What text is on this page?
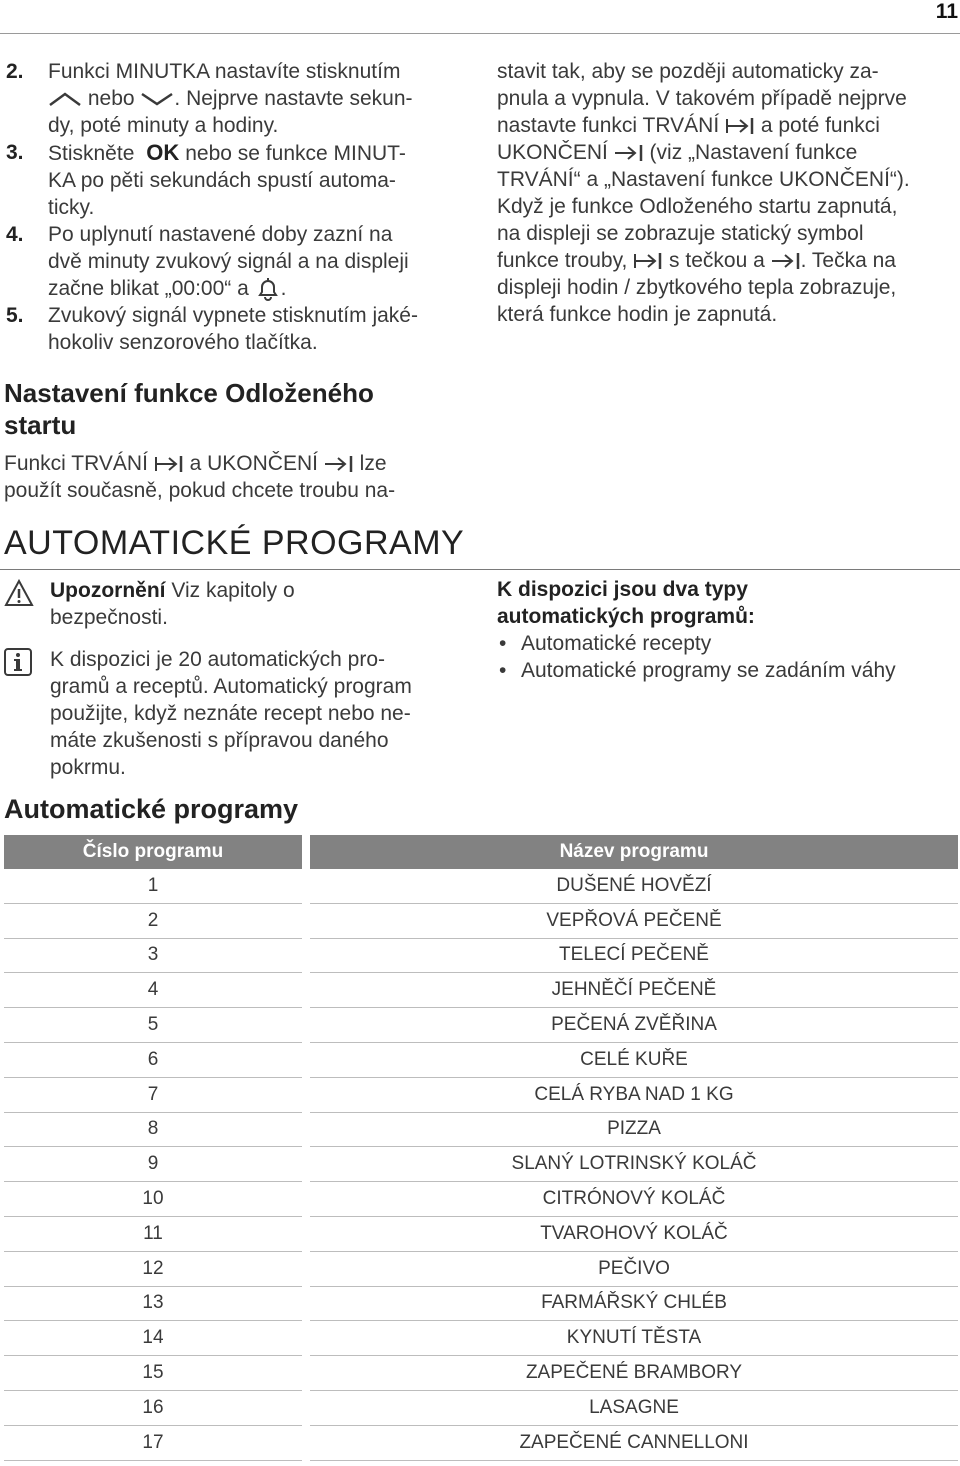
11
2. Funkci MINUTKA nastavíte stisknutím
nebo . Nejprve nastavte sekun-
dy, poté minuty a hodiny.
3. Stiskněte OK nebo se funkce MINUT-
KA po pěti sekundách spustí automa-
ticky.
4. Po uplynutí nastavené doby zazní na
dvě minuty zvukový signál a na displeji
začne blikat „00:00“ a .
5. Zvukový signál vypnete stisknutím jaké-
hokoliv senzorového tlačítka.
Nastavení funkce Odloženého
startu
Funkci TRVÁNÍ a UKONČENÍ lze
použít současně, pokud chcete troubu na-
stavit tak, aby se později automaticky za-
pnula a vypnula. V takovém případě nejprve
nastavte funkci TRVÁNÍ a poté funkci
UKONČENÍ (viz „Nastavení funkce
TRVÁNÍ“ a „Nastavení funkce UKONČENÍ“).
Když je funkce Odloženého startu zapnutá,
na displeji se zobrazuje statický symbol
funkce trouby, s tečkou a . Tečka na
displeji hodin / zbytkového tepla zobrazuje,
která funkce hodin je zapnutá.
AUTOMATICKÉ PROGRAMY
Upozornění Viz kapitoly o
bezpečnosti.
K dispozici je 20 automatických pro-
gramů a receptů. Automatický program
použijte, když neznáte recept nebo ne-
máte zkušenosti s přípravou daného
pokrmu.
K dispozici jsou dva typy
automatických programů:
• Automatické recepty
• Automatické programy se zadáním váhy
Automatické programy
Číslo programu		Název programu
1		DUŠENÉ HOVĚZÍ
2		VEPŘOVÁ PEČENĚ
3		TELECÍ PEČENĚ
4		JEHNĚČÍ PEČENĚ
5		PEČENÁ ZVĚŘINA
6		CELÉ KUŘE
7		CELÁ RYBA NAD 1 KG
8		PIZZA
9		SLANÝ LOTRINSKÝ KOLÁČ
10		CITRÓNOVÝ KOLÁČ
11		TVAROHOVÝ KOLÁČ
12		PEČIVO
13		FARMÁŘSKÝ CHLÉB
14		KYNUTÍ TĚSTA
15		ZAPEČENÉ BRAMBORY
16		LASAGNE
17		ZAPEČENÉ CANNELLONI
